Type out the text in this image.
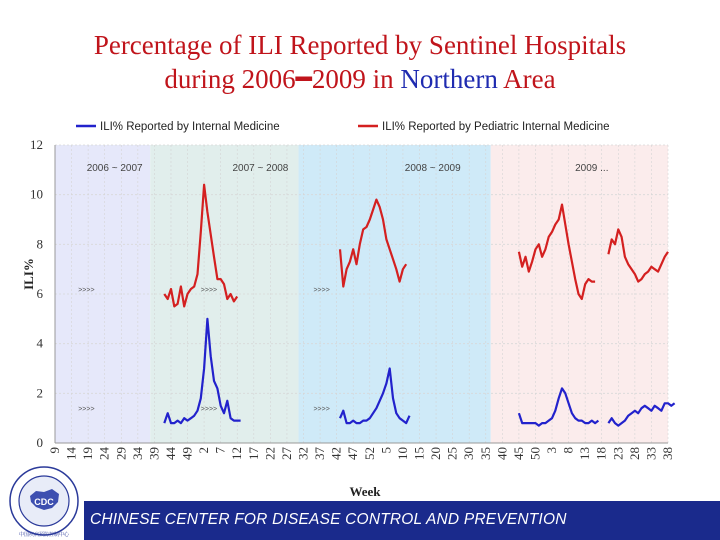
Percentage of ILI Reported by Sentinel Hospitals
during 2006━2009 in Northern Area
0
2
4
6
8
10
12
9 14 19 24 29 34 39 44 49 2 7 12 17 22 27 32 37 42 47 52 5 10 15 20 25 30 35 40 45 50 3 8 13 18 23 28 33 38
ILI%
Week
2006 ~ 2007	2007 ~ 2008	2008 ~ 2009	2009 ...
>>>>
>>>>
>>>>
>>>>
>>>>
>>>>
ILI% Reported by Internal Medicine	ILI% Reported by Pediatric Internal Medicine
CDC
中国疾病预防控制中心
CHINESE CENTER FOR DISEASE CONTROL AND PREVENTION
